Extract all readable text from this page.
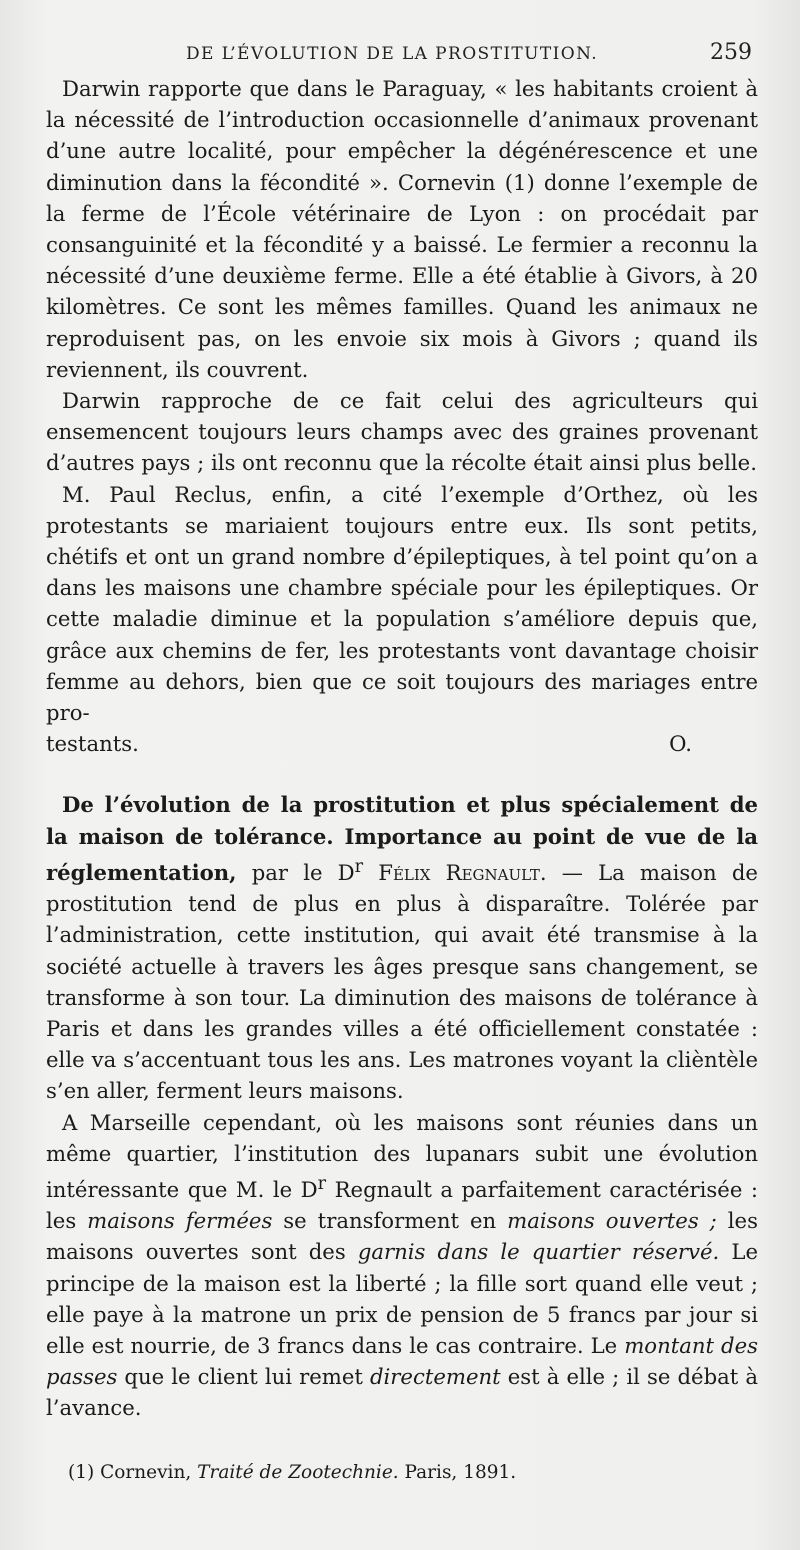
DE L’ÉVOLUTION DE LA PROSTITUTION.	259

Darwin rapporte que dans le Paraguay, « les habitants croient à la nécessité de l’introduction occasionnelle d’animaux provenant d’une autre localité, pour empêcher la dégénérescence et une diminution dans la fécondité ». Cornevin (1) donne l’exemple de la ferme de l’École vétérinaire de Lyon : on procédait par consanguinité et la fécondité y a baissé. Le fermier a reconnu la nécessité d’une deuxième ferme. Elle a été établie à Givors, à 20 kilomètres. Ce sont les mêmes familles. Quand les animaux ne reproduisent pas, on les envoie six mois à Givors ; quand ils reviennent, ils couvrent.

Darwin rapproche de ce fait celui des agriculteurs qui ensemencent toujours leurs champs avec des graines provenant d’autres pays ; ils ont reconnu que la récolte était ainsi plus belle.

M. Paul Reclus, enfin, a cité l’exemple d’Orthez, où les protestants se mariaient toujours entre eux. Ils sont petits, chétifs et ont un grand nombre d’épileptiques, à tel point qu’on a dans les maisons une chambre spéciale pour les épileptiques. Or cette maladie diminue et la population s’améliore depuis que, grâce aux chemins de fer, les protestants vont davantage choisir femme au dehors, bien que ce soit toujours des mariages entre pro-

testants.	O.

De l’évolution de la prostitution et plus spécialement de la maison de tolérance. Importance au point de vue de la réglementation, par le $D^r$ Félix Regnault. — La maison de prostitution tend de plus en plus à disparaître. Tolérée par l’administration, cette institution, qui avait été transmise à la société actuelle à travers les âges presque sans changement, se transforme à son tour. La diminution des maisons de tolérance à Paris et dans les grandes villes a été officiellement constatée : elle va s’accentuant tous les ans. Les matrones voyant la clièntèle s’en aller, ferment leurs maisons.

A Marseille cependant, où les maisons sont réunies dans un même quartier, l’institution des lupanars subit une évolution intéressante que M. le $D^r$ Regnault a parfaitement caractérisée : les maisons fermées se transforment en maisons ouvertes ; les maisons ouvertes sont des garnis dans le quartier réservé. Le principe de la maison est la liberté ; la fille sort quand elle veut ; elle paye à la matrone un prix de pension de 5 francs par jour si elle est nourrie, de 3 francs dans le cas contraire. Le montant des passes que le client lui remet directement est à elle ; il se débat à l’avance.

(1) Cornevin, Traité de Zootechnie. Paris, 1891.
